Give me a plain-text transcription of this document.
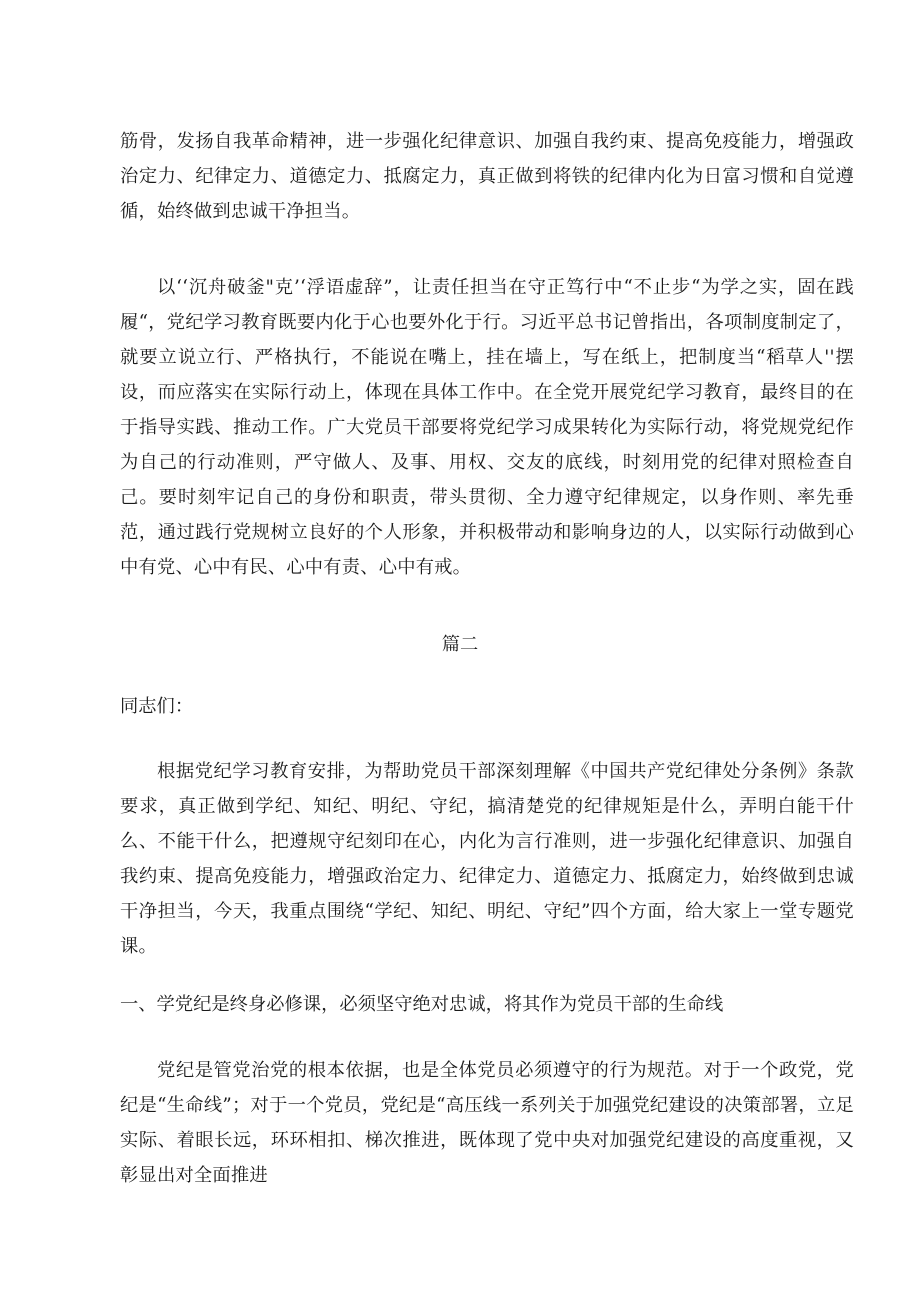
筋骨，发扬自我革命精神，进一步强化纪律意识、加强自我约束、提高免疫能力，增强政治定力、纪律定力、道德定力、抵腐定力，真正做到将铁的纪律内化为日富习惯和自觉遵循，始终做到忠诚干净担当。

以‘‘沉舟破釜"克’‘浮语虚辞”，让责任担当在守正笃行中“不止步“为学之实，固在践履“，党纪学习教育既要内化于心也要外化于行。习近平总书记曾指出，各项制度制定了，就要立说立行、严格执行，不能说在嘴上，挂在墙上，写在纸上，把制度当“稻草人''摆设，而应落实在实际行动上，体现在具体工作中。在全党开展党纪学习教育，最终目的在于指导实践、推动工作。广大党员干部要将党纪学习成果转化为实际行动，将党规党纪作为自己的行动准则，严守做人、及事、用权、交友的底线，时刻用党的纪律对照检查自己。要时刻牢记自己的身份和职责，带头贯彻、全力遵守纪律规定，以身作则、率先垂范，通过践行党规树立良好的个人形象，并积极带动和影响身边的人，以实际行动做到心中有党、心中有民、心中有责、心中有戒。

篇二

同志们：

根据党纪学习教育安排，为帮助党员干部深刻理解《中国共产党纪律处分条例》条款要求，真正做到学纪、知纪、明纪、守纪，搞清楚党的纪律规矩是什么，弄明白能干什么、不能干什么，把遵规守纪刻印在心，内化为言行准则，进一步强化纪律意识、加强自我约束、提高免疫能力，增强政治定力、纪律定力、道德定力、抵腐定力，始终做到忠诚干净担当，今天，我重点围绕“学纪、知纪、明纪、守纪”四个方面，给大家上一堂专题党课。

一、学党纪是终身必修课，必须坚守绝对忠诚，将其作为党员干部的生命线

党纪是管党治党的根本依据，也是全体党员必须遵守的行为规范。对于一个政党，党纪是“生命线”；对于一个党员，党纪是“高压线一系列关于加强党纪建设的决策部署，立足实际、着眼长远，环环相扣、梯次推进，既体现了党中央对加强党纪建设的高度重视，又彰显出对全面推进
